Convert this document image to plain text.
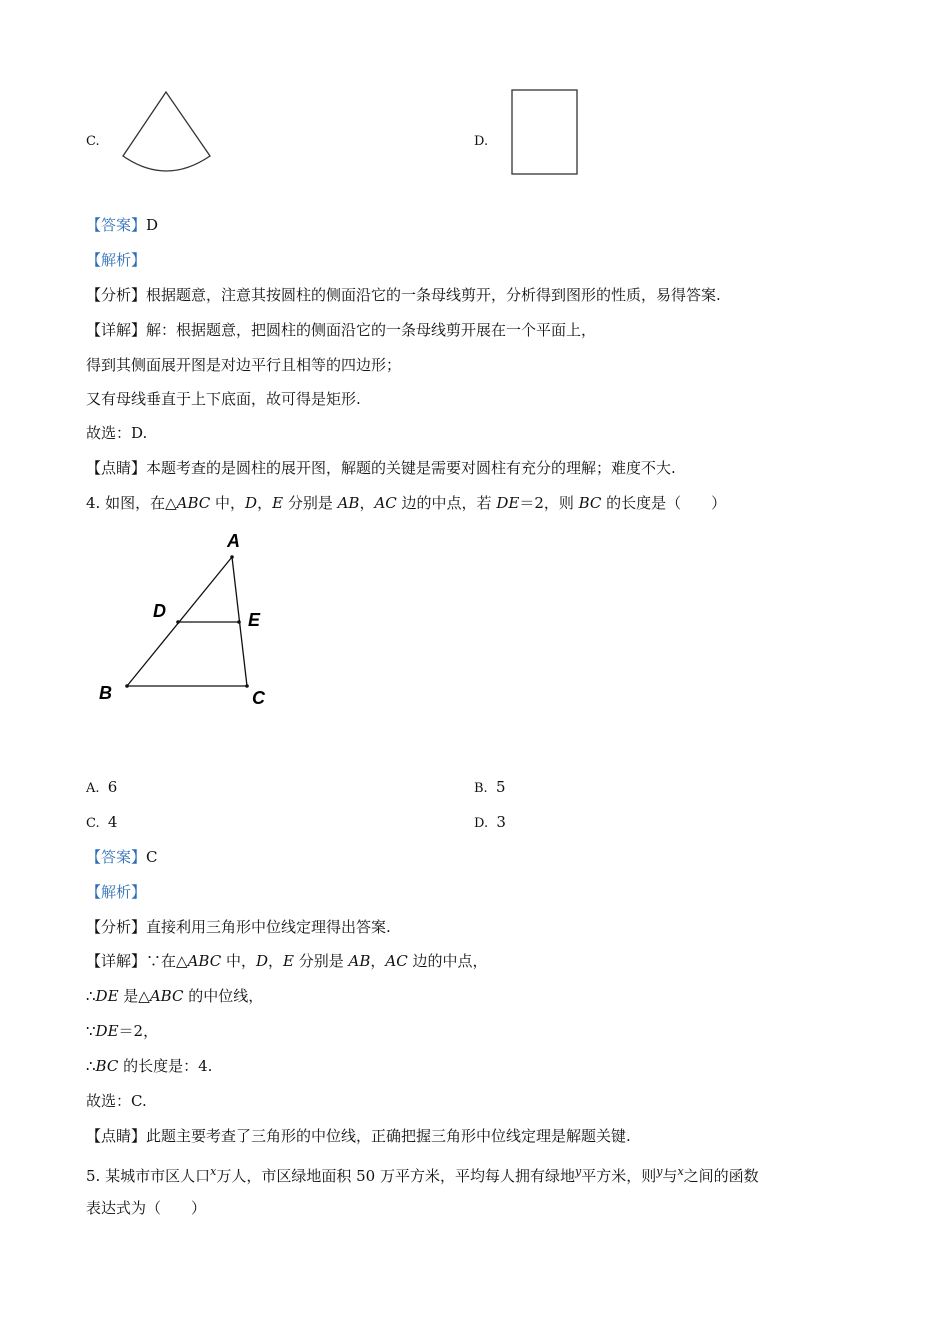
C.	D.
【答案】D
【解析】
【分析】根据题意，注意其按圆柱的侧面沿它的一条母线剪开，分析得到图形的性质，易得答案.
【详解】解：根据题意，把圆柱的侧面沿它的一条母线剪开展在一个平面上，
得到其侧面展开图是对边平行且相等的四边形；
又有母线垂直于上下底面，故可得是矩形.
故选：D.
【点睛】本题考查的是圆柱的展开图，解题的关键是需要对圆柱有充分的理解；难度不大.
4. 如图，在△ABC 中，D，E 分别是 AB，AC 边的中点，若 DE＝2，则 BC 的长度是（　　）
A
D	E
B	C
A. 6	B. 5
C. 4	D. 3
【答案】C
【解析】
【分析】直接利用三角形中位线定理得出答案.
【详解】∵在△ABC 中，D，E 分别是 AB，AC 边的中点，
∴DE 是△ABC 的中位线，
∵DE＝2，
∴BC 的长度是：4.
故选：C.
【点睛】此题主要考查了三角形的中位线，正确把握三角形中位线定理是解题关键.
5. 某城市市区人口$^x$万人，市区绿地面积 50 万平方米，平均每人拥有绿地$^y$平方米，则$^y$与$^x$之间的函数
表达式为（　　）
